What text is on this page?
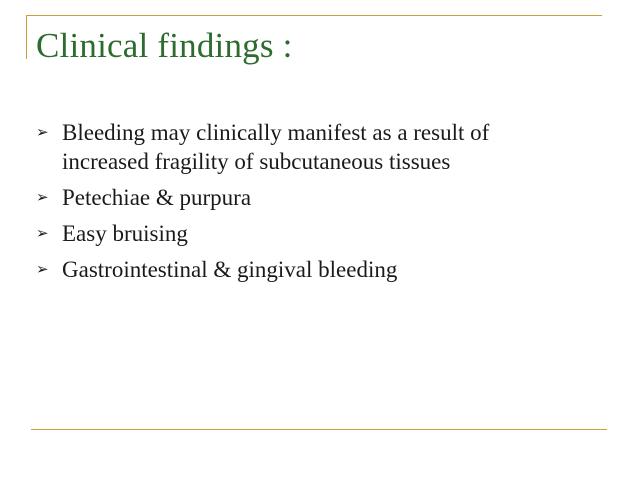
Clinical findings :
➢ Bleeding may clinically manifest as a result of
increased fragility of subcutaneous tissues
➢ Petechiae & purpura
➢ Easy bruising
➢ Gastrointestinal & gingival bleeding
